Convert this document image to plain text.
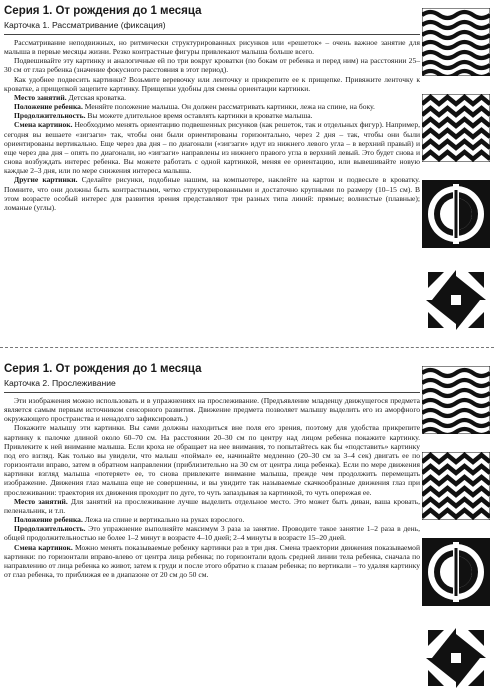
Серия 1. От рождения до 1 месяца
Карточка 1. Рассматривание (фиксация)

Рассматривание неподвижных, но ритмически структурированных рисунков или «решеток» – очень важное занятие для малыша в первые месяцы жизни. Резко контрастные фигуры привлекают малыша больше всего.

Подвешивайте эту картинку и аналогичные ей по три вокруг кроватки (по бокам от ребенка и перед ним) на расстоянии 25–30 см от глаз ребенка (значение фокусного расстояния в этот период).

Как удобнее подвесить картинки? Возьмите веревочку или ленточку и прикрепите ее к прищепке. Привяжите ленточку к кроватке, а прищепкой зацепите картинку. Прищепки удобны для смены ориентации картинки.

Место занятий. Детская кроватка.

Положение ребенка. Меняйте положение малыша. Он должен рассматривать картинки, лежа на спине, на боку.

Продолжительность. Вы можете длительное время оставлять картинки в кроватке малыша.

Смена картинок. Необходимо менять ориентацию подвешенных рисунков (как решеток, так и отдельных фигур). Например, сегодня вы вешаете «зигзаги» так, чтобы они были ориентированы горизонтально, через 2 дня – так, чтобы они были ориентированы вертикально. Еще через два дня – по диагонали («зигзаги» идут из нижнего левого угла – в верхний правый) и еще через два дня – опять по диагонали, но «зигзаги» направлены из нижнего правого угла в верхний левый. Это будет снова и снова возбуждать интерес ребенка. Вы можете работать с одной картинкой, меняя ее ориентацию, или вывешивайте новую каждые 2–3 дня, или по мере снижения интереса малыша.

Другие картинки. Сделайте рисунки, подобные нашим, на компьютере, наклейте на картон и подвесьте в кроватку. Помните, что они должны быть контрастными, четко структурированными и достаточно крупными по размеру (10–15 см). В этом возрасте особый интерес для развития зрения представляют три разных типа линий: прямые; волнистые (плавные); ломаные (углы).

Серия 1. От рождения до 1 месяца
Карточка 2. Прослеживание

Эти изображения можно использовать и в упражнениях на прослеживание. (Предъявление младенцу движущегося предмета является самым первым источником сенсорного развития. Движение предмета позволяет малышу выделить его из аморфного окружающего пространства и ненадолго зафиксировать.)

Покажите малышу эти картинки. Вы сами должны находиться вне поля его зрения, поэтому для удобства прикрепите картинку к палочке длиной около 60–70 см. На расстоянии 20–30 см по центру над лицом ребенка покажите картинку. Привлеките к ней внимание малыша. Если кроха не обращает на нее внимания, то попытайтесь как бы «подставить» картинку под его взгляд. Как только вы увидели, что малыш «поймал» ее, начинайте медленно (20–30 см за 3–4 сек) двигать ее по горизонтали вправо, затем в обратном направлении (приблизительно на 30 см от центра лица ребенка). Если по мере движения картинки взгляд малыша «потеряет» ее, то снова привлеките внимание малыша, прежде чем продолжить перемещать изображение. Движения глаз малыша еще не совершенны, и вы увидите так называемые скачкообразные движения глаз при прослеживании: траектория их движения проходит по дуге, то чуть запаздывая за картинкой, то чуть опережая ее.

Место занятий. Для занятий на прослеживание лучше выделить отдельное место. Это может быть диван, ваша кровать, пеленальник, и т.п.

Положение ребенка. Лежа на спине и вертикально на руках взрослого.

Продолжительность. Это упражнение выполняйте максимум 3 раза за занятие. Проводите такое занятие 1–2 раза в день, общей продолжительностью не более 1–2 минут в возрасте 4–10 дней; 2–4 минуты в возрасте 15–20 дней.

Смена картинок. Можно менять показываемые ребенку картинки раз в три дня. Смена траектории движения показываемой картинки: по горизонтали вправо-влево от центра лица ребенка; по горизонтали вдоль средней линии тела ребенка, сначала по направлению от лица ребенка ко живот, затем к груди и после этого обратно к глазам ребенка; по вертикали – то удаляя картинку от глаз ребенка, то приближая ее в диапазоне от 20 см до 50 см.
